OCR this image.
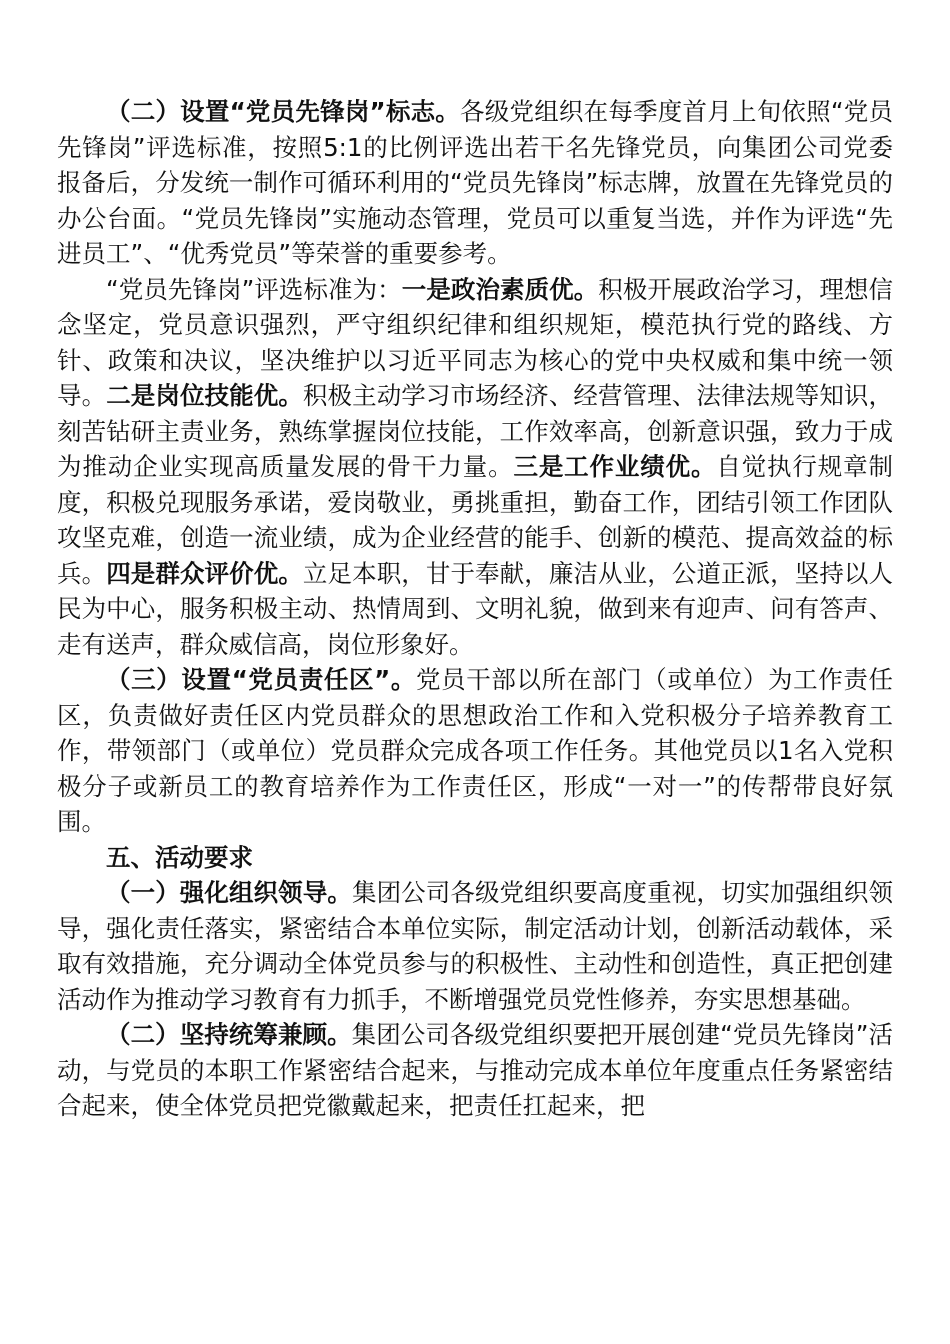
（二）设置“党员先锋岗”标志。各级党组织在每季度首月上旬依照“党员先锋岗”评选标准，按照5:1的比例评选出若干名先锋党员，向集团公司党委报备后，分发统一制作可循环利用的“党员先锋岗”标志牌，放置在先锋党员的办公台面。“党员先锋岗”实施动态管理，党员可以重复当选，并作为评选“先进员工”、“优秀党员”等荣誉的重要参考。

“党员先锋岗”评选标准为：一是政治素质优。积极开展政治学习，理想信念坚定，党员意识强烈，严守组织纪律和组织规矩，模范执行党的路线、方针、政策和决议，坚决维护以习近平同志为核心的党中央权威和集中统一领导。二是岗位技能优。积极主动学习市场经济、经营管理、法律法规等知识，刻苦钻研主责业务，熟练掌握岗位技能，工作效率高，创新意识强，致力于成为推动企业实现高质量发展的骨干力量。三是工作业绩优。自觉执行规章制度，积极兑现服务承诺，爱岗敬业，勇挑重担，勤奋工作，团结引领工作团队攻坚克难，创造一流业绩，成为企业经营的能手、创新的模范、提高效益的标兵。四是群众评价优。立足本职，甘于奉献，廉洁从业，公道正派，坚持以人民为中心，服务积极主动、热情周到、文明礼貌，做到来有迎声、问有答声、走有送声，群众威信高，岗位形象好。

（三）设置“党员责任区”。党员干部以所在部门（或单位）为工作责任区，负责做好责任区内党员群众的思想政治工作和入党积极分子培养教育工作，带领部门（或单位）党员群众完成各项工作任务。其他党员以1名入党积极分子或新员工的教育培养作为工作责任区，形成“一对一”的传帮带良好氛围。

五、活动要求

（一）强化组织领导。集团公司各级党组织要高度重视，切实加强组织领导，强化责任落实，紧密结合本单位实际，制定活动计划，创新活动载体，采取有效措施，充分调动全体党员参与的积极性、主动性和创造性，真正把创建活动作为推动学习教育有力抓手，不断增强党员党性修养，夯实思想基础。

（二）坚持统筹兼顾。集团公司各级党组织要把开展创建“党员先锋岗”活动，与党员的本职工作紧密结合起来，与推动完成本单位年度重点任务紧密结合起来，使全体党员把党徽戴起来，把责任扛起来，把
